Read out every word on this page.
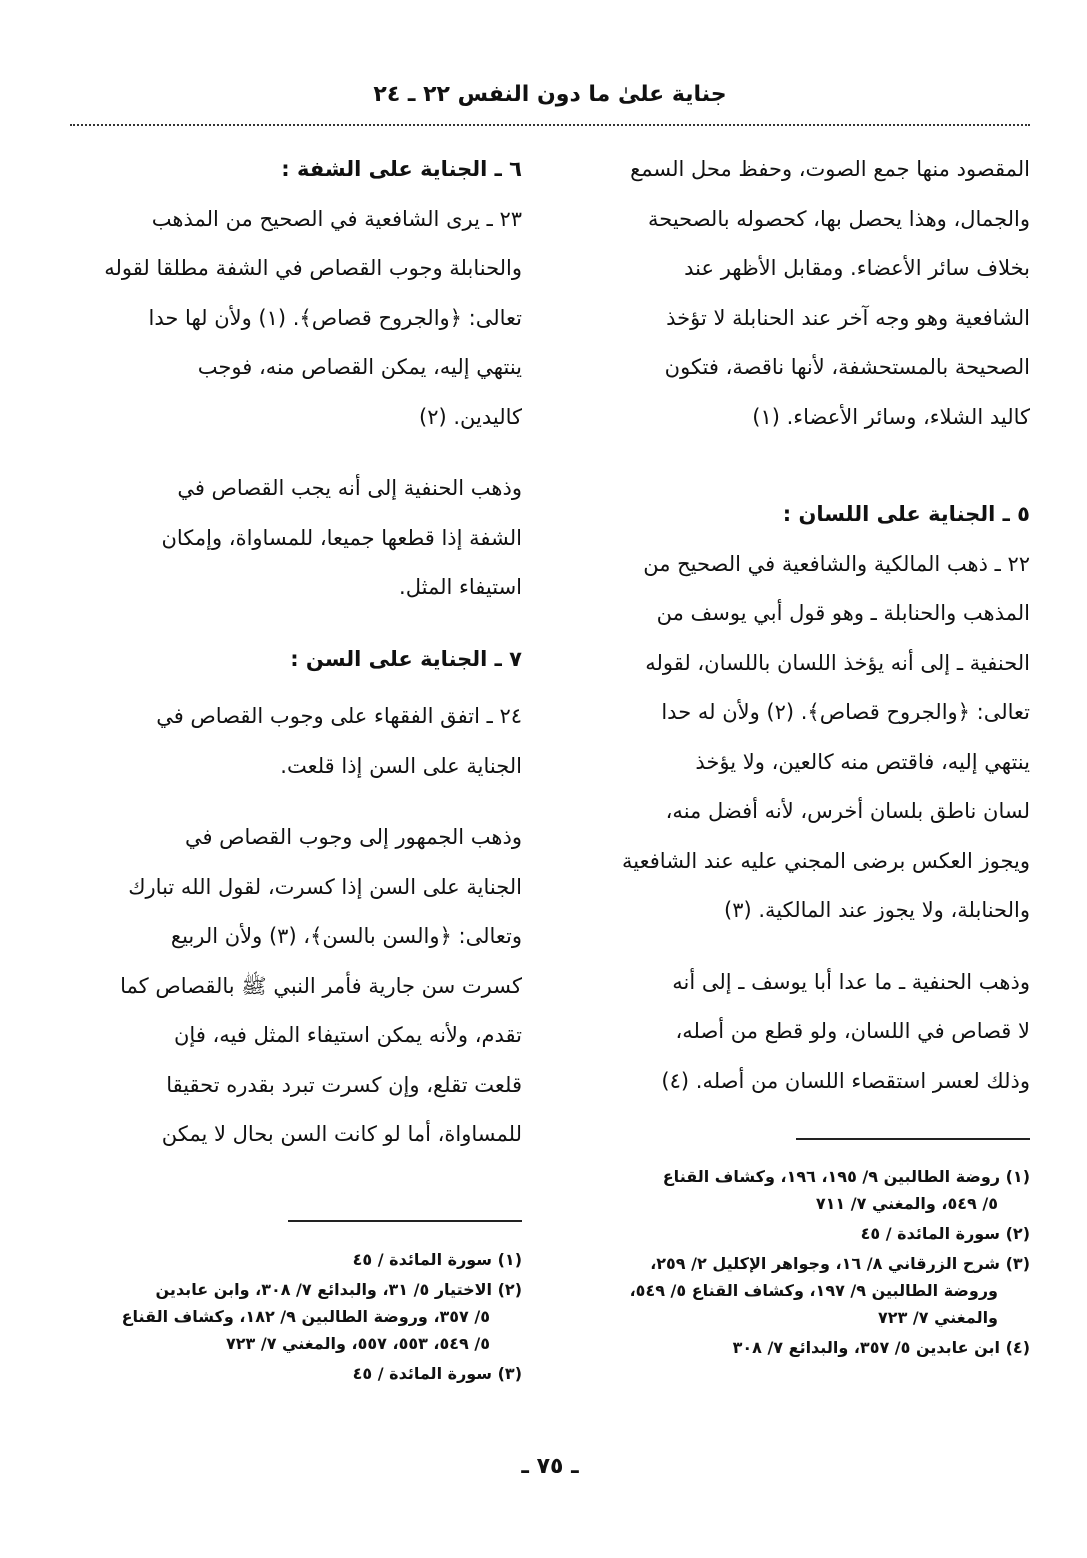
جناية علىٰ ما دون النفس ٢٢ ـ ٢٤

المقصود منها جمع الصوت، وحفظ محل السمع

والجمال، وهذا يحصل بها، كحصوله بالصحيحة

بخلاف سائر الأعضاء. ومقابل الأظهر عند

الشافعية وهو وجه آخر عند الحنابلة لا تؤخذ

الصحيحة بالمستحشفة، لأنها ناقصة، فتكون

كاليد الشلاء، وسائر الأعضاء. (١)

٥ ـ الجناية على اللسان :

٢٢ ـ ذهب المالكية والشافعية في الصحيح من

المذهب والحنابلة ـ وهو قول أبي يوسف من

الحنفية ـ إلى أنه يؤخذ اللسان باللسان، لقوله

تعالى: ﴿والجروح قصاص﴾. (٢) ولأن له حدا

ينتهي إليه، فاقتص منه كالعين، ولا يؤخذ

لسان ناطق بلسان أخرس، لأنه أفضل منه،

ويجوز العكس برضى المجني عليه عند الشافعية

والحنابلة، ولا يجوز عند المالكية. (٣)

وذهب الحنفية ـ ما عدا أبا يوسف ـ إلى أنه

لا قصاص في اللسان، ولو قطع من أصله،

وذلك لعسر استقصاء اللسان من أصله. (٤)

٦ ـ الجناية على الشفة :

٢٣ ـ يرى الشافعية في الصحيح من المذهب

والحنابلة وجوب القصاص في الشفة مطلقا لقوله

تعالى: ﴿والجروح قصاص﴾. (١) ولأن لها حدا

ينتهي إليه، يمكن القصاص منه، فوجب

كاليدين. (٢)

وذهب الحنفية إلى أنه يجب القصاص في

الشفة إذا قطعها جميعا، للمساواة، وإمكان

استيفاء المثل.

٧ ـ الجناية على السن :

٢٤ ـ اتفق الفقهاء على وجوب القصاص في

الجناية على السن إذا قلعت.

وذهب الجمهور إلى وجوب القصاص في

الجناية على السن إذا كسرت، لقول الله تبارك

وتعالى: ﴿والسن بالسن﴾، (٣) ولأن الربيع

كسرت سن جارية فأمر النبي ﷺ بالقصاص كما

تقدم، ولأنه يمكن استيفاء المثل فيه، فإن

قلعت تقلع، وإن كسرت تبرد بقدره تحقيقا

للمساواة، أما لو كانت السن بحال لا يمكن

(١) روضة الطالبين ٩/ ١٩٥، ١٩٦، وكشاف القناع
٥/ ٥٤٩، والمغني ٧/ ٧١١

(٢) سورة المائدة / ٤٥

(٣) شرح الزرقاني ٨/ ١٦، وجواهر الإكليل ٢/ ٢٥٩،
وروضة الطالبين ٩/ ١٩٧، وكشاف القناع ٥/ ٥٤٩،
والمغني ٧/ ٧٢٣

(٤) ابن عابدين ٥/ ٣٥٧، والبدائع ٧/ ٣٠٨

(١) سورة المائدة / ٤٥

(٢) الاختيار ٥/ ٣١، والبدائع ٧/ ٣٠٨، وابن عابدين
٥/ ٣٥٧، وروضة الطالبين ٩/ ١٨٢، وكشاف القناع
٥/ ٥٤٩، ٥٥٣، ٥٥٧، والمغني ٧/ ٧٢٣

(٣) سورة المائدة / ٤٥

ـ ٧٥ ـ
